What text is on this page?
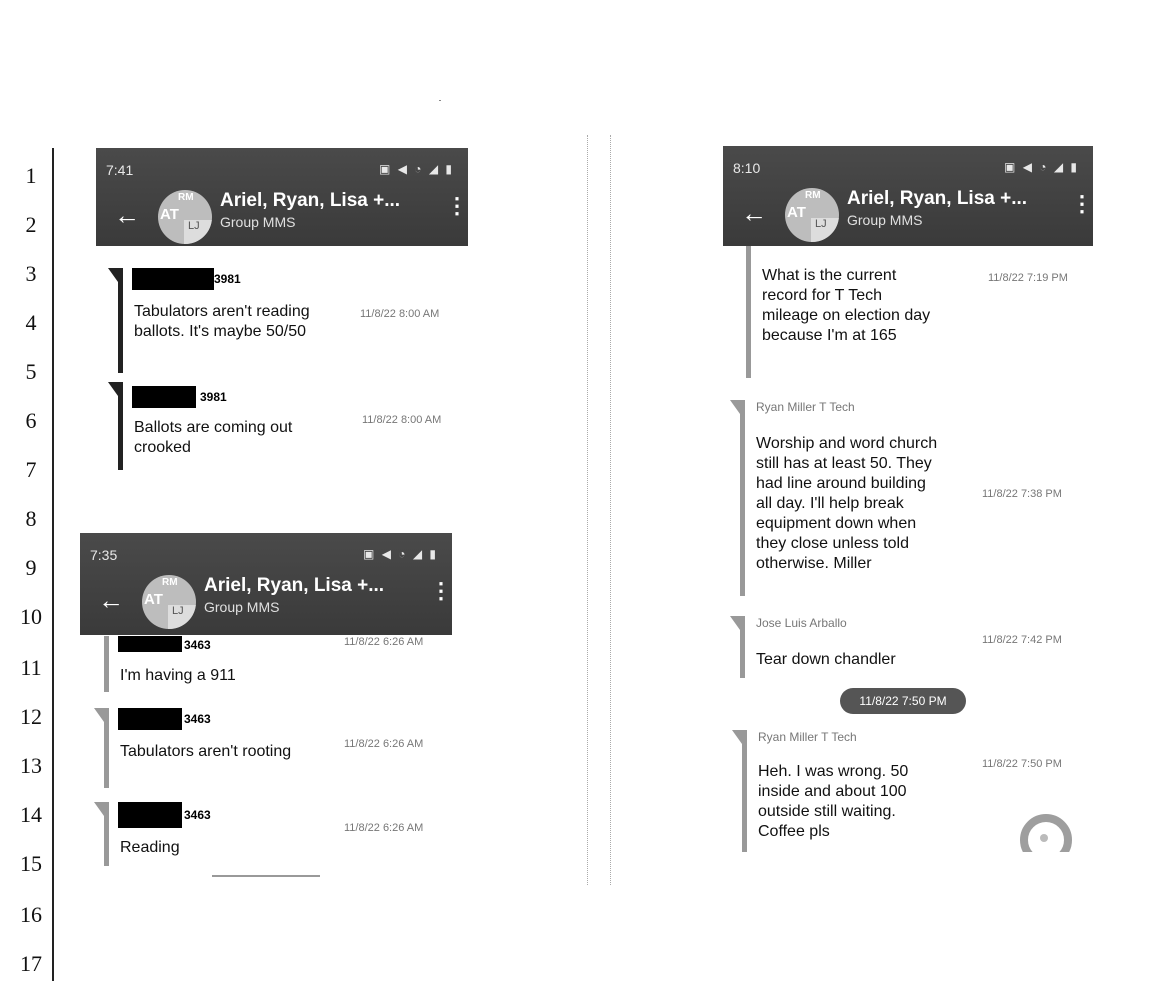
1
2
3
4
5
6
7
8
9
10
11
12
13
14
15
16
17
7:41	▣ ◀ ◔ ◢ ▮
← AT
RM
LJ
Ariel, Ryan, Lisa +...
Group MMS
⋮
3981
Tabulators aren't reading ballots. It's maybe 50/50
11/8/22 8:00 AM
3981
Ballots are coming out crooked
11/8/22 8:00 AM
7:35	▣ ◀ ◔ ◢ ▮
← AT
RM
LJ
Ariel, Ryan, Lisa +...
Group MMS
⋮
3463
I'm having a 911
11/8/22 6:26 AM
3463
Tabulators aren't rooting	11/8/22 6:26 AM
3463
Reading
11/8/22 6:26 AM
8:10	▣ ◀ ◔ ◢ ▮
← AT
RM
LJ
Ariel, Ryan, Lisa +...
Group MMS
⋮
What is the current record for T Tech mileage on election day because I'm at 165
11/8/22 7:19 PM
Ryan Miller T Tech
Worship and word church still has at least 50. They had line around building all day. I'll help break equipment down when they close unless told otherwise. Miller
11/8/22 7:38 PM
Jose Luis Arballo
Tear down chandler
11/8/22 7:42 PM
11/8/22 7:50 PM
Ryan Miller T Tech
Heh. I was wrong. 50 inside and about 100 outside still waiting. Coffee pls
11/8/22 7:50 PM
